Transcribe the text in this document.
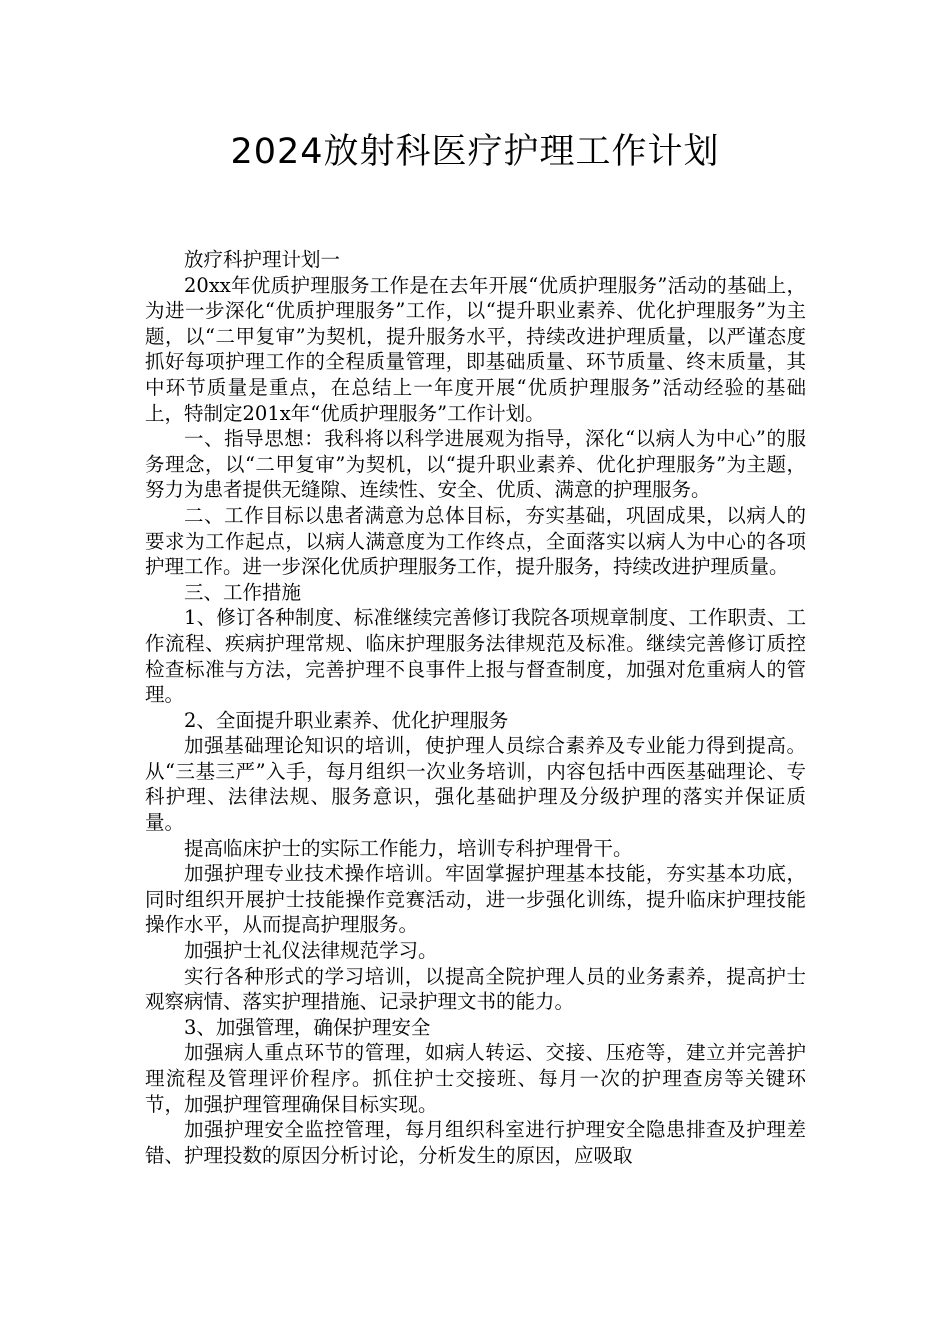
2024放射科医疗护理工作计划

放疗科护理计划一

20xx年优质护理服务工作是在去年开展“优质护理服务”活动的基础上，为进一步深化“优质护理服务”工作，以“提升职业素养、优化护理服务”为主题，以“二甲复审”为契机，提升服务水平，持续改进护理质量，以严谨态度抓好每项护理工作的全程质量管理，即基础质量、环节质量、终末质量，其中环节质量是重点，在总结上一年度开展“优质护理服务”活动经验的基础上，特制定201x年“优质护理服务”工作计划。

一、指导思想：我科将以科学进展观为指导，深化“以病人为中心”的服务理念，以“二甲复审”为契机，以“提升职业素养、优化护理服务”为主题，努力为患者提供无缝隙、连续性、安全、优质、满意的护理服务。

二、工作目标以患者满意为总体目标，夯实基础，巩固成果，以病人的要求为工作起点，以病人满意度为工作终点，全面落实以病人为中心的各项护理工作。进一步深化优质护理服务工作，提升服务，持续改进护理质量。

三、工作措施

1、修订各种制度、标准继续完善修订我院各项规章制度、工作职责、工作流程、疾病护理常规、临床护理服务法律规范及标准。继续完善修订质控检查标准与方法，完善护理不良事件上报与督查制度，加强对危重病人的管理。

2、全面提升职业素养、优化护理服务

加强基础理论知识的培训，使护理人员综合素养及专业能力得到提高。从“三基三严”入手，每月组织一次业务培训，内容包括中西医基础理论、专科护理、法律法规、服务意识，强化基础护理及分级护理的落实并保证质量。

提高临床护士的实际工作能力，培训专科护理骨干。

加强护理专业技术操作培训。牢固掌握护理基本技能，夯实基本功底，同时组织开展护士技能操作竞赛活动，进一步强化训练，提升临床护理技能操作水平，从而提高护理服务。

加强护士礼仪法律规范学习。

实行各种形式的学习培训，以提高全院护理人员的业务素养，提高护士观察病情、落实护理措施、记录护理文书的能力。

3、加强管理，确保护理安全

加强病人重点环节的管理，如病人转运、交接、压疮等，建立并完善护理流程及管理评价程序。抓住护士交接班、每月一次的护理查房等关键环节，加强护理管理确保目标实现。

加强护理安全监控管理，每月组织科室进行护理安全隐患排查及护理差错、护理投数的原因分析讨论，分析发生的原因，应吸取
